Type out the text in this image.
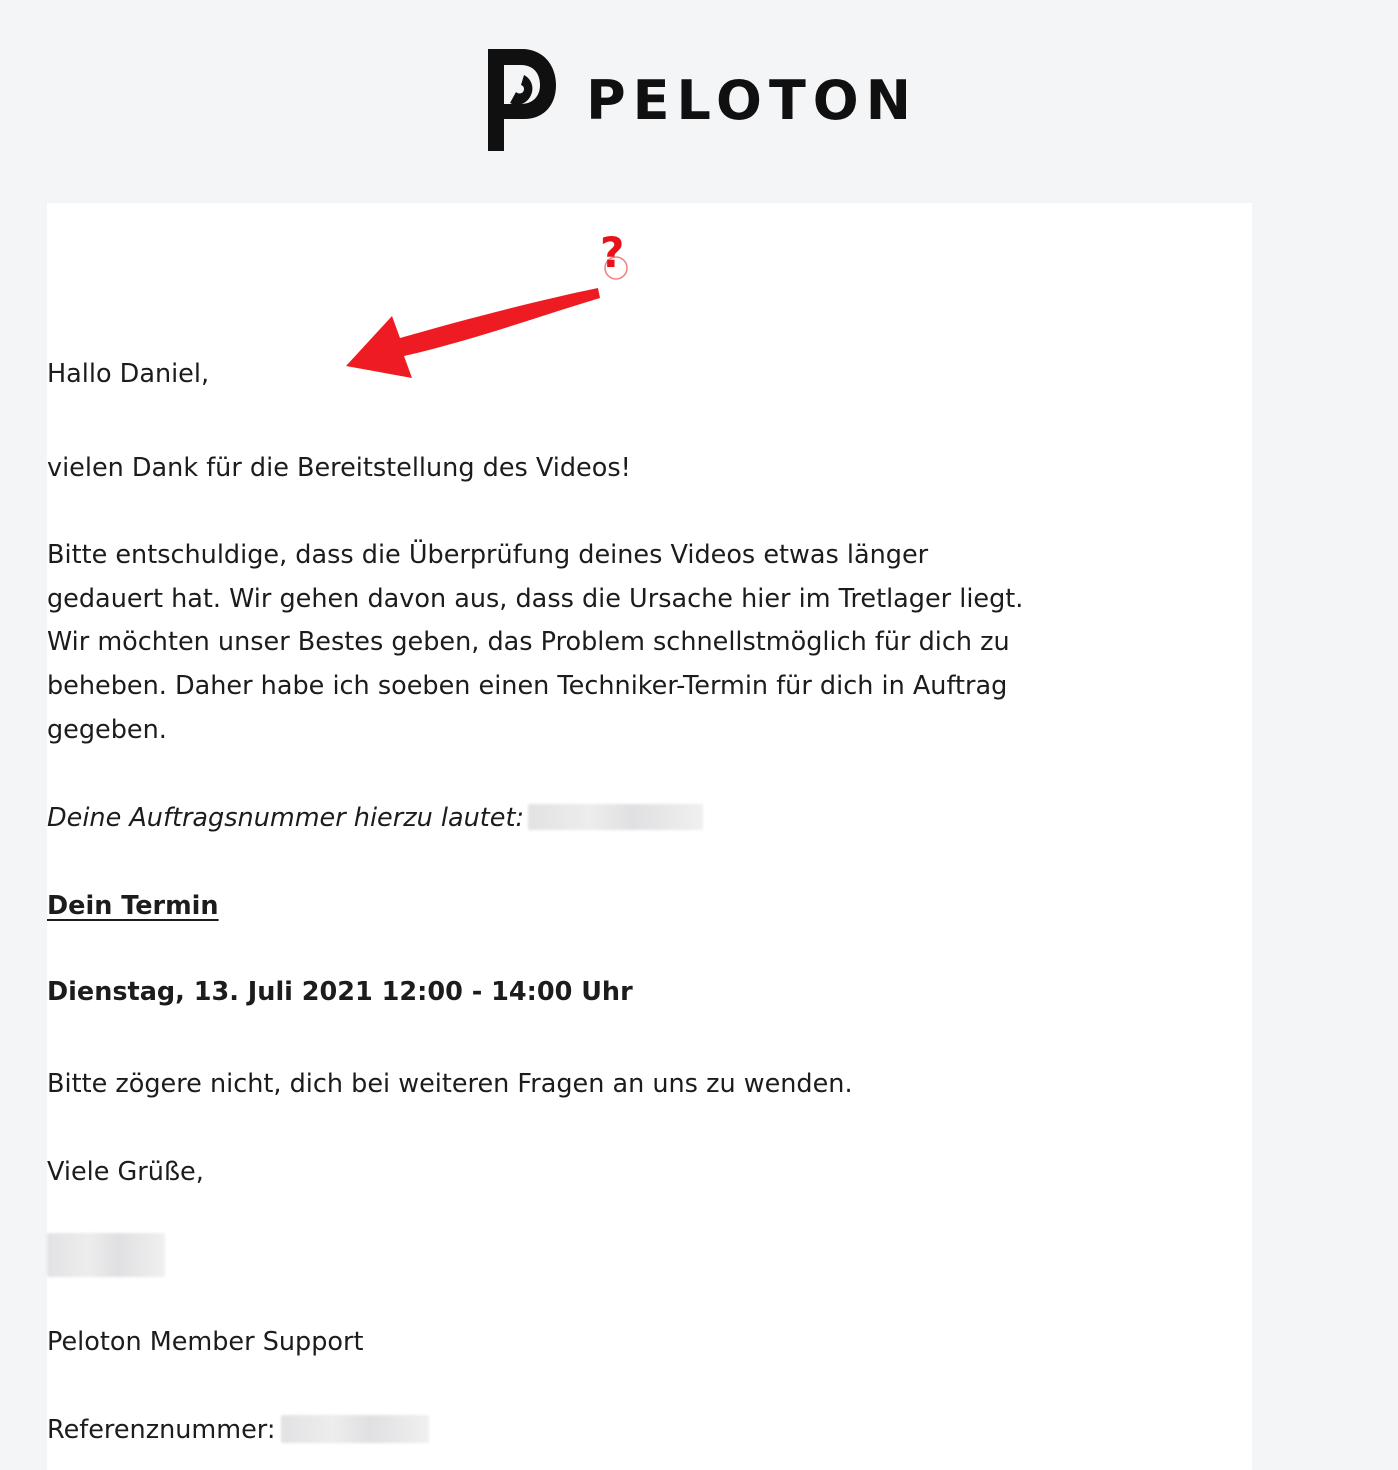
PELOTON

Hallo Daniel,

vielen Dank für die Bereitstellung des Videos!

Bitte entschuldige, dass die Überprüfung deines Videos etwas länger gedauert hat. Wir gehen davon aus, dass die Ursache hier im Tretlager liegt. Wir möchten unser Bestes geben, das Problem schnellstmöglich für dich zu beheben. Daher habe ich soeben einen Techniker-Termin für dich in Auftrag gegeben.

Deine Auftragsnummer hierzu lautet:

Dein Termin

Dienstag, 13. Juli 2021 12:00 - 14:00 Uhr

Bitte zögere nicht, dich bei weiteren Fragen an uns zu wenden.

Viele Grüße,

Peloton Member Support

Referenznummer:

?
